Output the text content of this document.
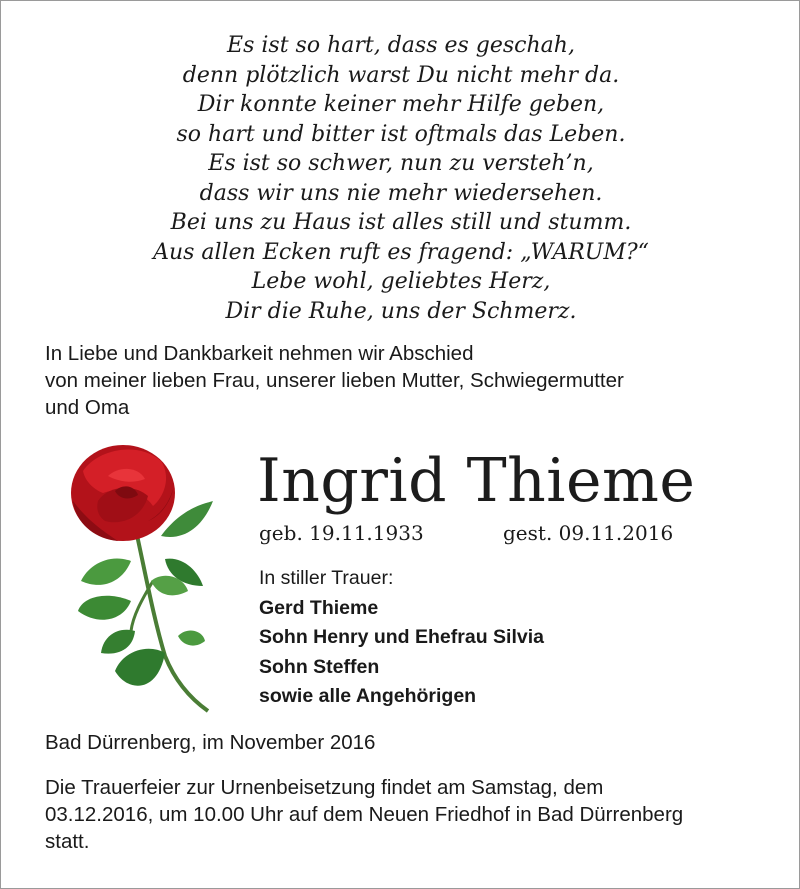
Es ist so hart, dass es geschah,
denn plötzlich warst Du nicht mehr da.
Dir konnte keiner mehr Hilfe geben,
so hart und bitter ist oftmals das Leben.
Es ist so schwer, nun zu versteh’n,
dass wir uns nie mehr wiedersehen.
Bei uns zu Haus ist alles still und stumm.
Aus allen Ecken ruft es fragend: „WARUM?“
Lebe wohl, geliebtes Herz,
Dir die Ruhe, uns der Schmerz.
In Liebe und Dankbarkeit nehmen wir Abschied
von meiner lieben Frau, unserer lieben Mutter, Schwiegermutter
und Oma
Ingrid Thieme
geb. 19.11.1933	gest. 09.11.2016
In stiller Trauer:
Gerd Thieme
Sohn Henry und Ehefrau Silvia
Sohn Steffen
sowie alle Angehörigen
Bad Dürrenberg, im November 2016
Die Trauerfeier zur Urnenbeisetzung findet am Samstag, dem
03.12.2016, um 10.00 Uhr auf dem Neuen Friedhof in Bad Dürrenberg
statt.
